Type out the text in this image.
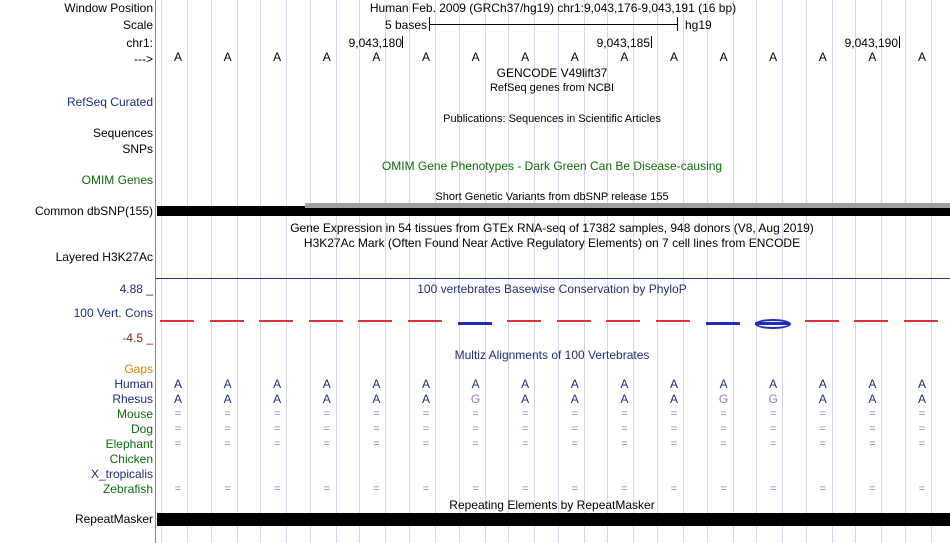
Window Position	Human Feb. 2009 (GRCh37/hg19) chr1:9,043,176-9,043,191 (16 bp)
Scale	5 bases	hg19
chr1:	9,043,180	9,043,185	9,043,190
---> A	A	A	A	A	A	A	A	A	A	A	A	A	A	A	A
GENCODE V49lift37
RefSeq genes from NCBI
RefSeq Curated
Publications: Sequences in Scientific Articles
Sequences
SNPs
OMIM Gene Phenotypes - Dark Green Can Be Disease-causing
OMIM Genes
Short Genetic Variants from dbSNP release 155
Common dbSNP(155)
Gene Expression in 54 tissues from GTEx RNA-seq of 17382 samples, 948 donors (V8, Aug 2019)
H3K27Ac Mark (Often Found Near Active Regulatory Elements) on 7 cell lines from ENCODE
Layered H3K27Ac
4.88 _	100 vertebrates Basewise Conservation by PhyloP
100 Vert. Cons
-4.5 _
Multiz Alignments of 100 Vertebrates
Gaps
Human A	A	A	A	A	A	A	A	A	A	A	A	A	A	A	A
Rhesus A	A	A	A	A	A	G	A	A	A	A	G	G	A	A	A
Mouse =	=	=	=	=	=	=	=	=	=	=	=	=	=	=	=
Dog =	=	=	=	=	=	=	=	=	=	=	=	=	=	=	=
Elephant =	=	=	=	=	=	=	=	=	=	=	=	=	=	=	=
Chicken
X_tropicalis
Zebrafish =	=	=	=	=	=	=	=	=	=	=	=	=	=	=	=
Repeating Elements by RepeatMasker
RepeatMasker
